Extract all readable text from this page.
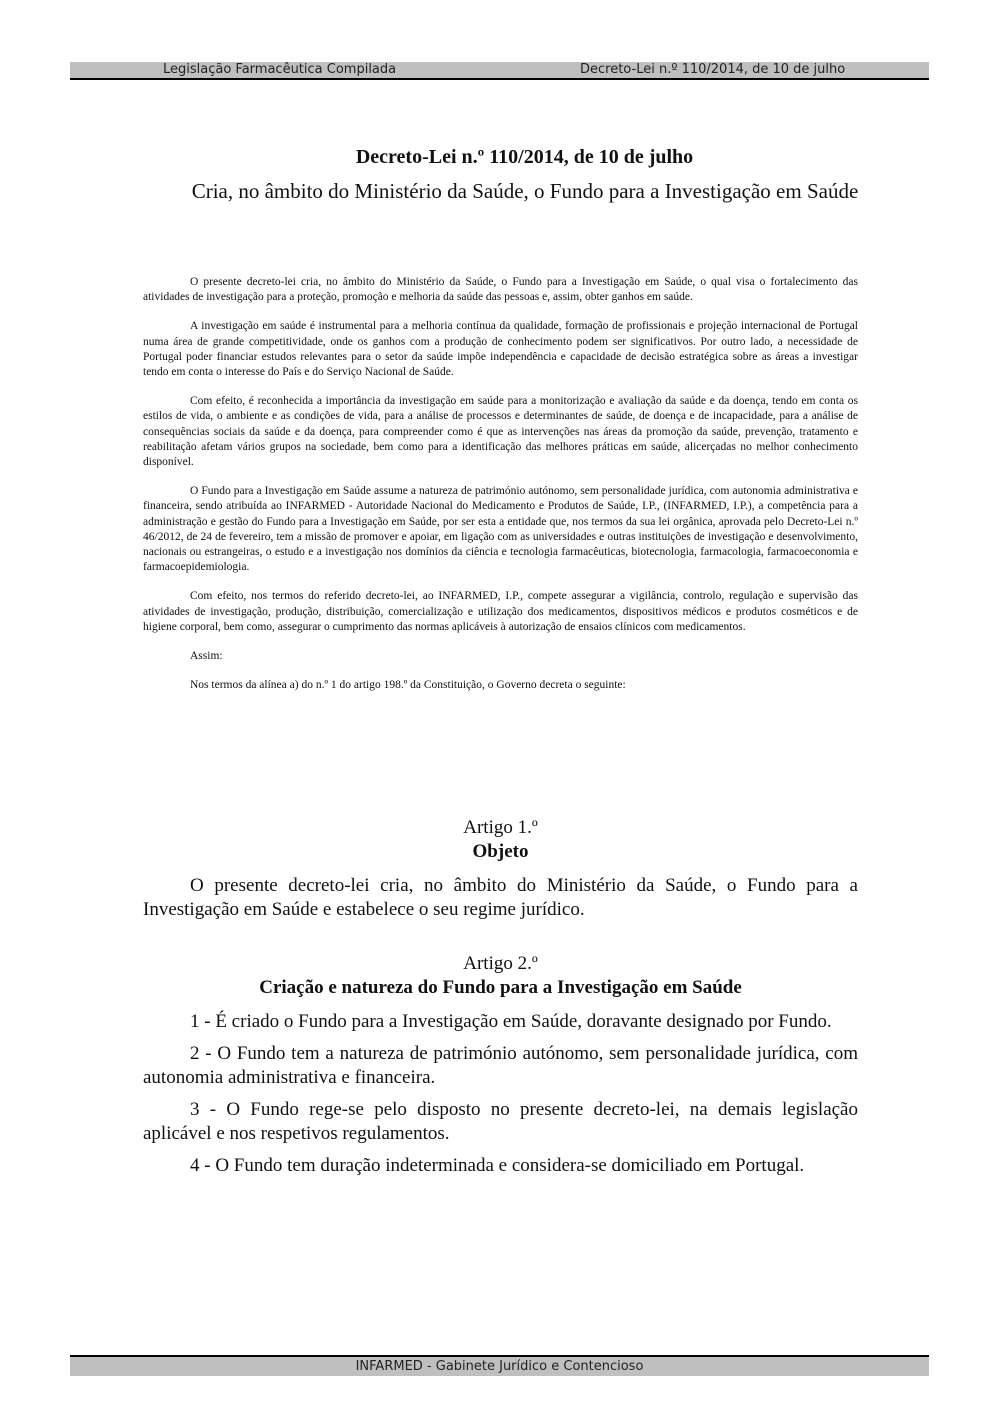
Legislação Farmacêutica Compilada	Decreto-Lei n.º 110/2014, de 10 de julho
Decreto-Lei n.º 110/2014, de 10 de julho
Cria, no âmbito do Ministério da Saúde, o Fundo para a Investigação em Saúde

O presente decreto-lei cria, no âmbito do Ministério da Saúde, o Fundo para a Investigação em Saúde, o qual visa o fortalecimento das atividades de investigação para a proteção, promoção e melhoria da saúde das pessoas e, assim, obter ganhos em saúde.

A investigação em saúde é instrumental para a melhoria contínua da qualidade, formação de profissionais e projeção internacional de Portugal numa área de grande competitividade, onde os ganhos com a produção de conhecimento podem ser significativos. Por outro lado, a necessidade de Portugal poder financiar estudos relevantes para o setor da saúde impõe independência e capacidade de decisão estratégica sobre as áreas a investigar tendo em conta o interesse do País e do Serviço Nacional de Saúde.

Com efeito, é reconhecida a importância da investigação em saúde para a monitorização e avaliação da saúde e da doença, tendo em conta os estilos de vida, o ambiente e as condições de vida, para a análise de processos e determinantes de saúde, de doença e de incapacidade, para a análise de consequências sociais da saúde e da doença, para compreender como é que as intervenções nas áreas da promoção da saúde, prevenção, tratamento e reabilitação afetam vários grupos na sociedade, bem como para a identificação das melhores práticas em saúde, alicerçadas no melhor conhecimento disponível.

O Fundo para a Investigação em Saúde assume a natureza de património autónomo, sem personalidade jurídica, com autonomia administrativa e financeira, sendo atribuída ao INFARMED - Autoridade Nacional do Medicamento e Produtos de Saúde, I.P., (INFARMED, I.P.), a competência para a administração e gestão do Fundo para a Investigação em Saúde, por ser esta a entidade que, nos termos da sua lei orgânica, aprovada pelo Decreto-Lei n.º 46/2012, de 24 de fevereiro, tem a missão de promover e apoiar, em ligação com as universidades e outras instituições de investigação e desenvolvimento, nacionais ou estrangeiras, o estudo e a investigação nos domínios da ciência e tecnologia farmacêuticas, biotecnologia, farmacologia, farmacoeconomia e farmacoepidemiologia.

Com efeito, nos termos do referido decreto-lei, ao INFARMED, I.P., compete assegurar a vigilância, controlo, regulação e supervisão das atividades de investigação, produção, distribuição, comercialização e utilização dos medicamentos, dispositivos médicos e produtos cosméticos e de higiene corporal, bem como, assegurar o cumprimento das normas aplicáveis à autorização de ensaios clínicos com medicamentos.

Assim:

Nos termos da alínea a) do n.º 1 do artigo 198.º da Constituição, o Governo decreta o seguinte:

Artigo 1.º

Objeto

O presente decreto-lei cria, no âmbito do Ministério da Saúde, o Fundo para a Investigação em Saúde e estabelece o seu regime jurídico.

Artigo 2.º

Criação e natureza do Fundo para a Investigação em Saúde

1 - É criado o Fundo para a Investigação em Saúde, doravante designado por Fundo.

2 - O Fundo tem a natureza de património autónomo, sem personalidade jurídica, com autonomia administrativa e financeira.

3 - O Fundo rege-se pelo disposto no presente decreto-lei, na demais legislação aplicável e nos respetivos regulamentos.

4 - O Fundo tem duração indeterminada e considera-se domiciliado em Portugal.

INFARMED - Gabinete Jurídico e Contencioso
